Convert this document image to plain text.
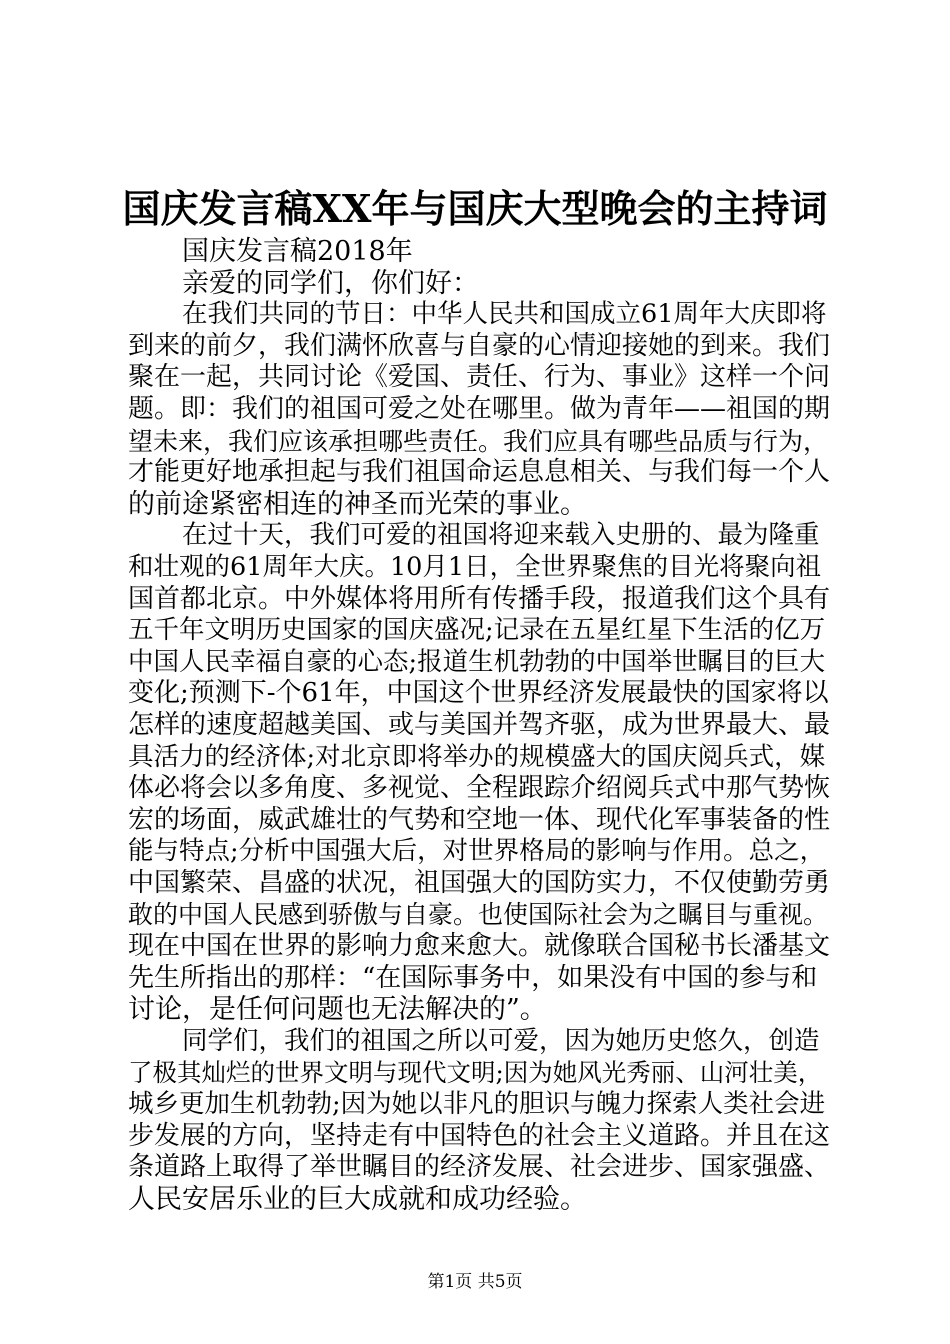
国庆发言稿XX年与国庆大型晚会的主持词

国庆发言稿2018年

亲爱的同学们，你们好：

在我们共同的节日：中华人民共和国成立61周年大庆即将

到来的前夕，我们满怀欣喜与自豪的心情迎接她的到来。我们

聚在一起，共同讨论《爱国、责任、行为、事业》这样一个问

题。即：我们的祖国可爱之处在哪里。做为青年——祖国的期

望未来，我们应该承担哪些责任。我们应具有哪些品质与行为，

才能更好地承担起与我们祖国命运息息相关、与我们每一个人

的前途紧密相连的神圣而光荣的事业。

在过十天，我们可爱的祖国将迎来载入史册的、最为隆重

和壮观的61周年大庆。10月1日，全世界聚焦的目光将聚向祖

国首都北京。中外媒体将用所有传播手段，报道我们这个具有

五千年文明历史国家的国庆盛况;记录在五星红星下生活的亿万

中国人民幸福自豪的心态;报道生机勃勃的中国举世瞩目的巨大

变化;预测下-个61年，中国这个世界经济发展最快的国家将以

怎样的速度超越美国、或与美国并驾齐驱，成为世界最大、最

具活力的经济体;对北京即将举办的规模盛大的国庆阅兵式，媒

体必将会以多角度、多视觉、全程跟踪介绍阅兵式中那气势恢

宏的场面，威武雄壮的气势和空地一体、现代化军事装备的性

能与特点;分析中国强大后，对世界格局的影响与作用。总之，

中国繁荣、昌盛的状况，祖国强大的国防实力，不仅使勤劳勇

敢的中国人民感到骄傲与自豪。也使国际社会为之瞩目与重视。

现在中国在世界的影响力愈来愈大。就像联合国秘书长潘基文

先生所指出的那样：“在国际事务中，如果没有中国的参与和

讨论，是任何问题也无法解决的”。

同学们，我们的祖国之所以可爱，因为她历史悠久，创造

了极其灿烂的世界文明与现代文明;因为她风光秀丽、山河壮美，

城乡更加生机勃勃;因为她以非凡的胆识与魄力探索人类社会进

步发展的方向，坚持走有中国特色的社会主义道路。并且在这

条道路上取得了举世瞩目的经济发展、社会进步、国家强盛、

人民安居乐业的巨大成就和成功经验。

第1页 共5页
